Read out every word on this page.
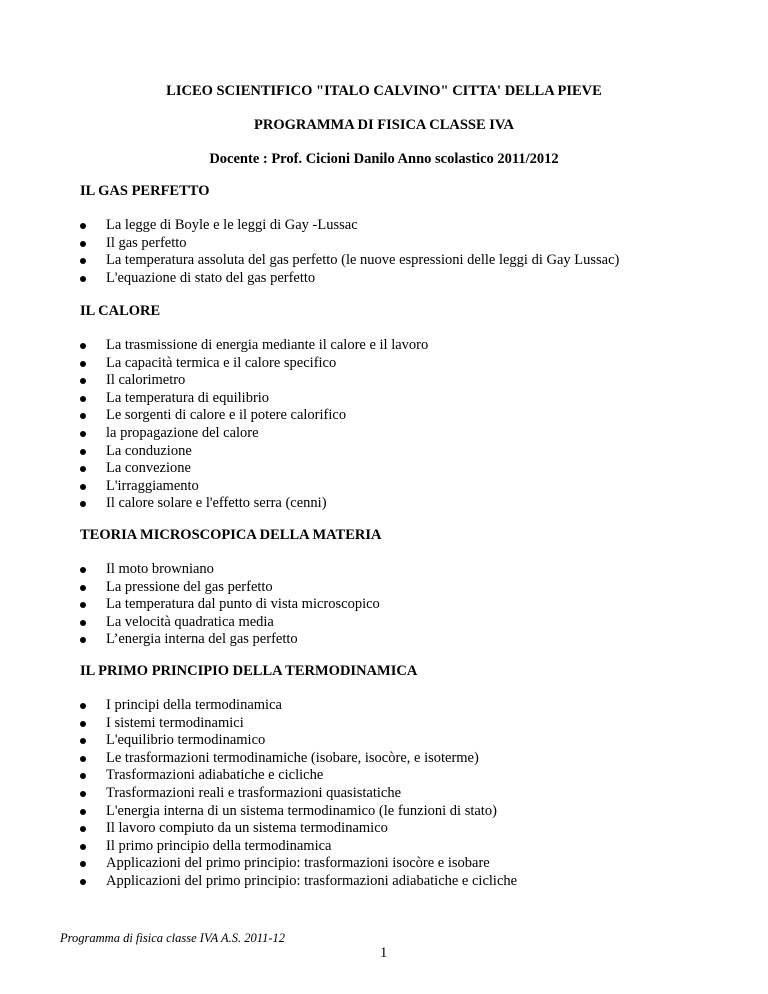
LICEO SCIENTIFICO "ITALO CALVINO" CITTA' DELLA PIEVE
PROGRAMMA DI FISICA CLASSE IVA
Docente : Prof. Cicioni Danilo Anno scolastico 2011/2012
IL GAS PERFETTO
La legge di Boyle e le leggi di Gay -Lussac
Il gas perfetto
La temperatura assoluta del gas perfetto (le nuove espressioni delle leggi di Gay Lussac)
L'equazione di stato del gas perfetto
IL CALORE
La trasmissione di energia mediante il calore e il lavoro
La capacità termica e il calore specifico
Il calorimetro
La temperatura di equilibrio
Le sorgenti di calore e il potere calorifico
la propagazione del calore
La conduzione
La convezione
L'irraggiamento
Il calore solare e l'effetto serra (cenni)
TEORIA MICROSCOPICA DELLA MATERIA
Il moto browniano
La pressione del gas perfetto
La temperatura dal punto di vista microscopico
La velocità quadratica media
L’energia interna del gas perfetto
IL PRIMO PRINCIPIO DELLA TERMODINAMICA
I principi della termodinamica
I sistemi termodinamici
L'equilibrio termodinamico
Le trasformazioni termodinamiche (isobare, isocòre, e isoterme)
Trasformazioni adiabatiche e cicliche
Trasformazioni reali e trasformazioni quasistatiche
L'energia interna di un sistema termodinamico (le funzioni di stato)
Il lavoro compiuto da un sistema termodinamico
Il primo principio della termodinamica
Applicazioni del primo principio: trasformazioni isocòre e isobare
Applicazioni del primo principio: trasformazioni adiabatiche e cicliche
Programma di fisica classe IVA A.S. 2011-12
1
